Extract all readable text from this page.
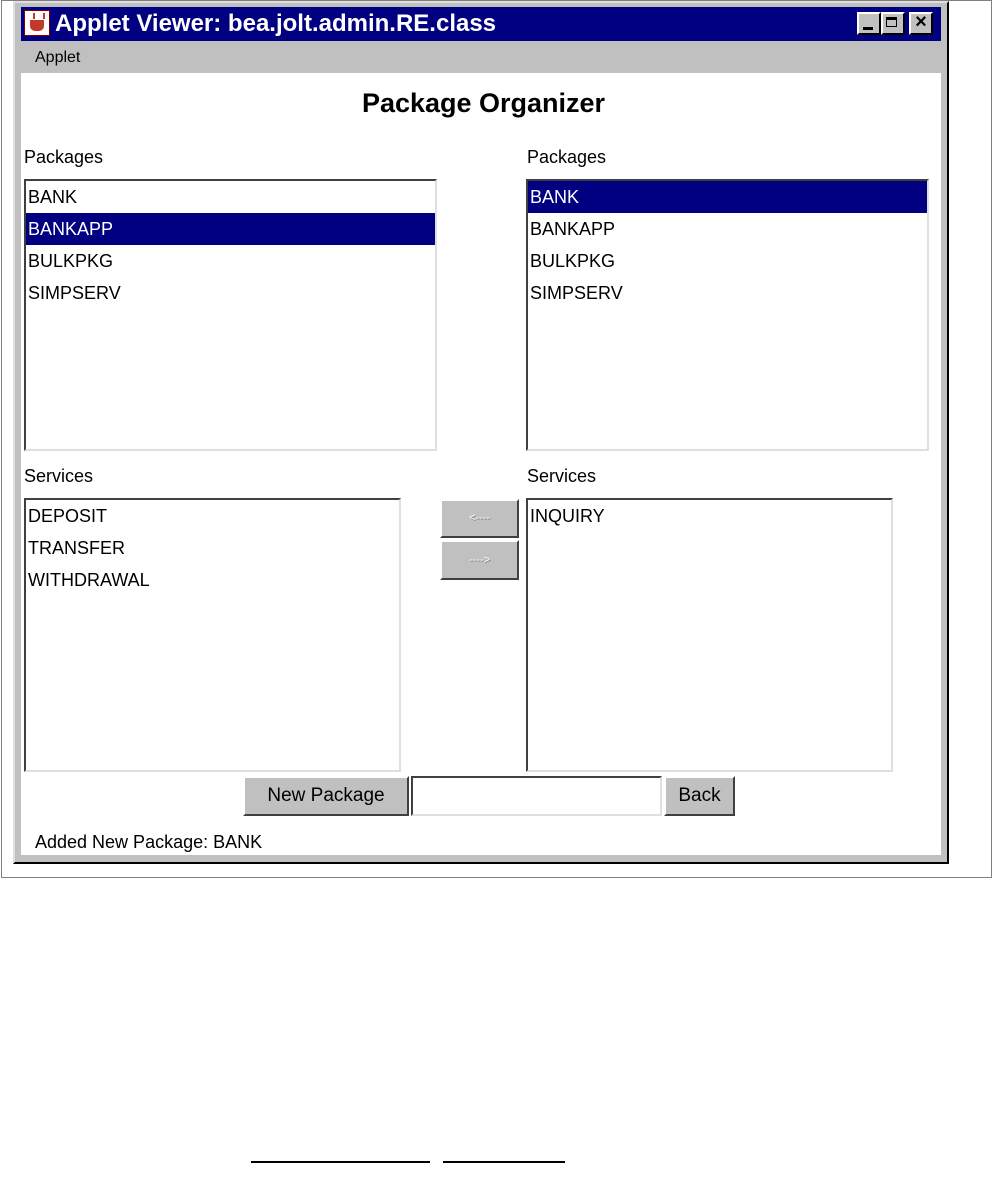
Applet Viewer: bea.jolt.admin.RE.class	×
Applet
Package Organizer
Packages	Packages
BANK
BANKAPP
BULKPKG
SIMPSERV
BANK
BANKAPP
BULKPKG
SIMPSERV
Services	Services
DEPOSIT
TRANSFER
WITHDRAWAL
<----
---->
INQUIRY
New Package	Back
Added New Package: BANK
